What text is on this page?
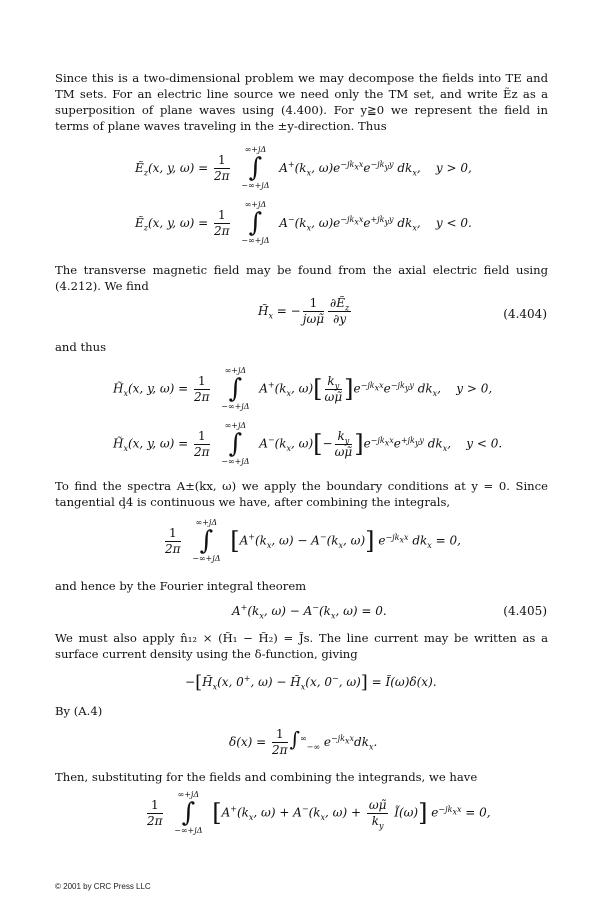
Since this is a two-dimensional problem we may decompose the fields into TE and TM sets. For an electric line source we need only the TM set, and write Ẽz as a superposition of plane waves using (4.400). For y≧0 we represent the field in terms of plane waves traveling in the ±y-direction. Thus
Ẽ$_z$(x, y, $\omega) = \frac{1}{2\pi}$

∞+jΔ
∫
−∞+jΔ
$A^+(k_x$, $\omega)e^{-jk_xx}e^{-jk_yy}$ $dk_x$,    y > 0,
Ẽ$_z$(x, y, $\omega) = \frac{1}{2\pi}$

∞+jΔ
∫
−∞+jΔ
$A^-(k_x$, $\omega)e^{-jk_xx}e^{+jk_yy}$ $dk_x$,    y < 0.
The transverse magnetic field may be found from the axial electric field using (4.212). We find
$H̃_x$ = − $\frac{1}{\text{jωμ̃}} \frac{\partial Ẽ_z}{\partial y}$	(4.404)
and thus
$H̃_x(x$, y, $\omega) = \frac{1}{2\pi}$

∞+jΔ
∫
−∞+jΔ
$A^+(k_x$, $\omega)[ \frac{k_y}{\omega\mũ} ]e^{-jk_xx}e^{-jk_yy}$ $dk_x$,    y > 0,
$H̃_x(x$, y, $\omega) = \frac{1}{2\pi}$

∞+jΔ
∫
−∞+jΔ
$A^-(k_x$, $\omega)[- \frac{k_y}{\omega\mũ} ]e^{-jk_xx}e^{+jk_yy}$ $dk_x$,    y < 0.
To find the spectra A±(kx, ω) we apply the boundary conditions at y = 0. Since tangential ḑ4 is continuous we have, after combining the integrals,
$\frac{1}{2\pi}$

∞+jΔ
∫
−∞+jΔ
[$A^+(k_x$, $\omega) - A^-(k_x$, ω)] $e^{-jk_xx}$ $dk_x = 0$,
and hence by the Fourier integral theorem
$A^+(k_x$, $\omega) - A^-(k_x$, ω) = 0.	(4.405)
We must also apply n̂₁₂ × (H̃₁ − H̃₂) = J̃s. The line current may be written as a surface current density using the δ-function, giving
$-[H̃_x(x$, 0+, $\omega) - H̃_x(x$, 0−, ω)] = Ĩ(ω)δ(x).
By (A.4)
$\delta(x) = \frac{1}{2\pi} \int^\infty_{-\infty}$ $e^{-jk_xx}dk_x$.
Then, substituting for the fields and combining the integrands, we have
$\frac{1}{2\pi}$

∞+jΔ
∫
−∞+jΔ
[$A^+(k_x$, $\omega) + A^-(k_x$, $\omega) + \frac{\omega\mũ}{k_y}$ Ĩ(ω)] $e^{-jk_xx} = 0$,
© 2001 by CRC Press LLC
